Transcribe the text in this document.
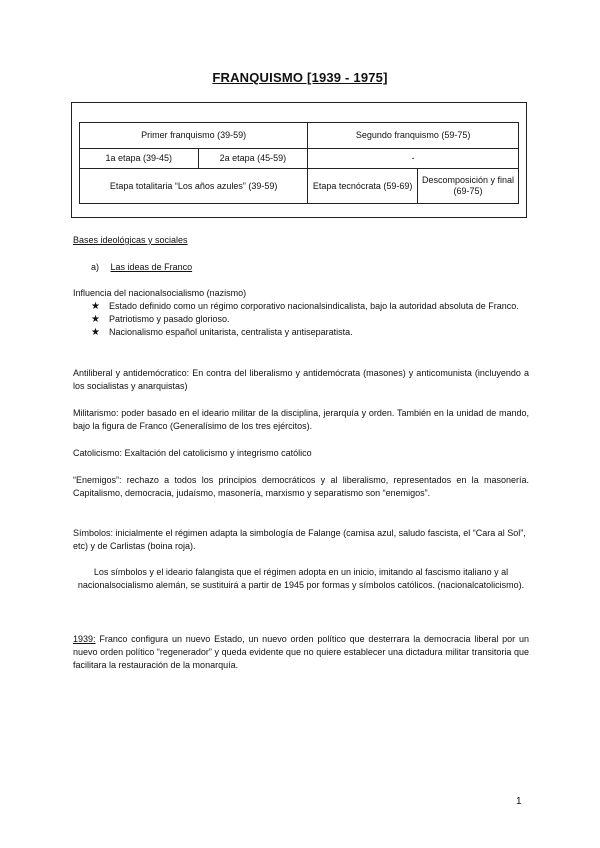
FRANQUISMO [1939 - 1975]
Primer franquismo (39-59)		Segundo franquismo (59-75)	
1a etapa (39-45)	2a etapa (45-59)	-	
Etapa totalitaria “Los años azules” (39-59)		Etapa tecnócrata (59-69)	Descomposición y final (69-75)
Bases ideológicas y sociales
a) Las ideas de Franco
Influencia del nacionalsocialismo (nazismo)
★ Estado definido como un régimo corporativo nacionalsindicalista, bajo la autoridad absoluta de Franco.
★ Patriotismo y pasado glorioso.
★ Nacionalismo español unitarista, centralista y antiseparatista.
Antiliberal y antidemócratico: En contra del liberalismo y antidemócrata (masones) y anticomunista (incluyendo a los socialistas y anarquistas)
Militarismo: poder basado en el ideario militar de la disciplina, jerarquía y orden. También en la unidad de mando, bajo la figura de Franco (Generalísimo de los tres ejércitos).
Catolicismo: Exaltación del catolicismo y integrismo católico
“Enemigos”: rechazo a todos los principios democráticos y al liberalismo, representados en la masonería. Capitalismo, democracia, judaísmo, masonería, marxismo y separatismo son “enemigos”.
Símbolos: inicialmente el régimen adapta la simbología de Falange (camisa azul, saludo fascista, el “Cara al Sol”, etc) y de Carlistas (boina roja).
Los símbolos y el ideario falangista que el régimen adopta en un inicio, imitando al fascismo italiano y al nacionalsocialismo alemán, se sustituirá a partir de 1945 por formas y símbolos católicos. (nacionalcatolicismo).
1939: Franco configura un nuevo Estado, un nuevo orden político que desterrara la democracia liberal por un nuevo orden político “regenerador” y queda evidente que no quiere establecer una dictadura militar transitoria que facilitara la restauración de la monarquía.
1
